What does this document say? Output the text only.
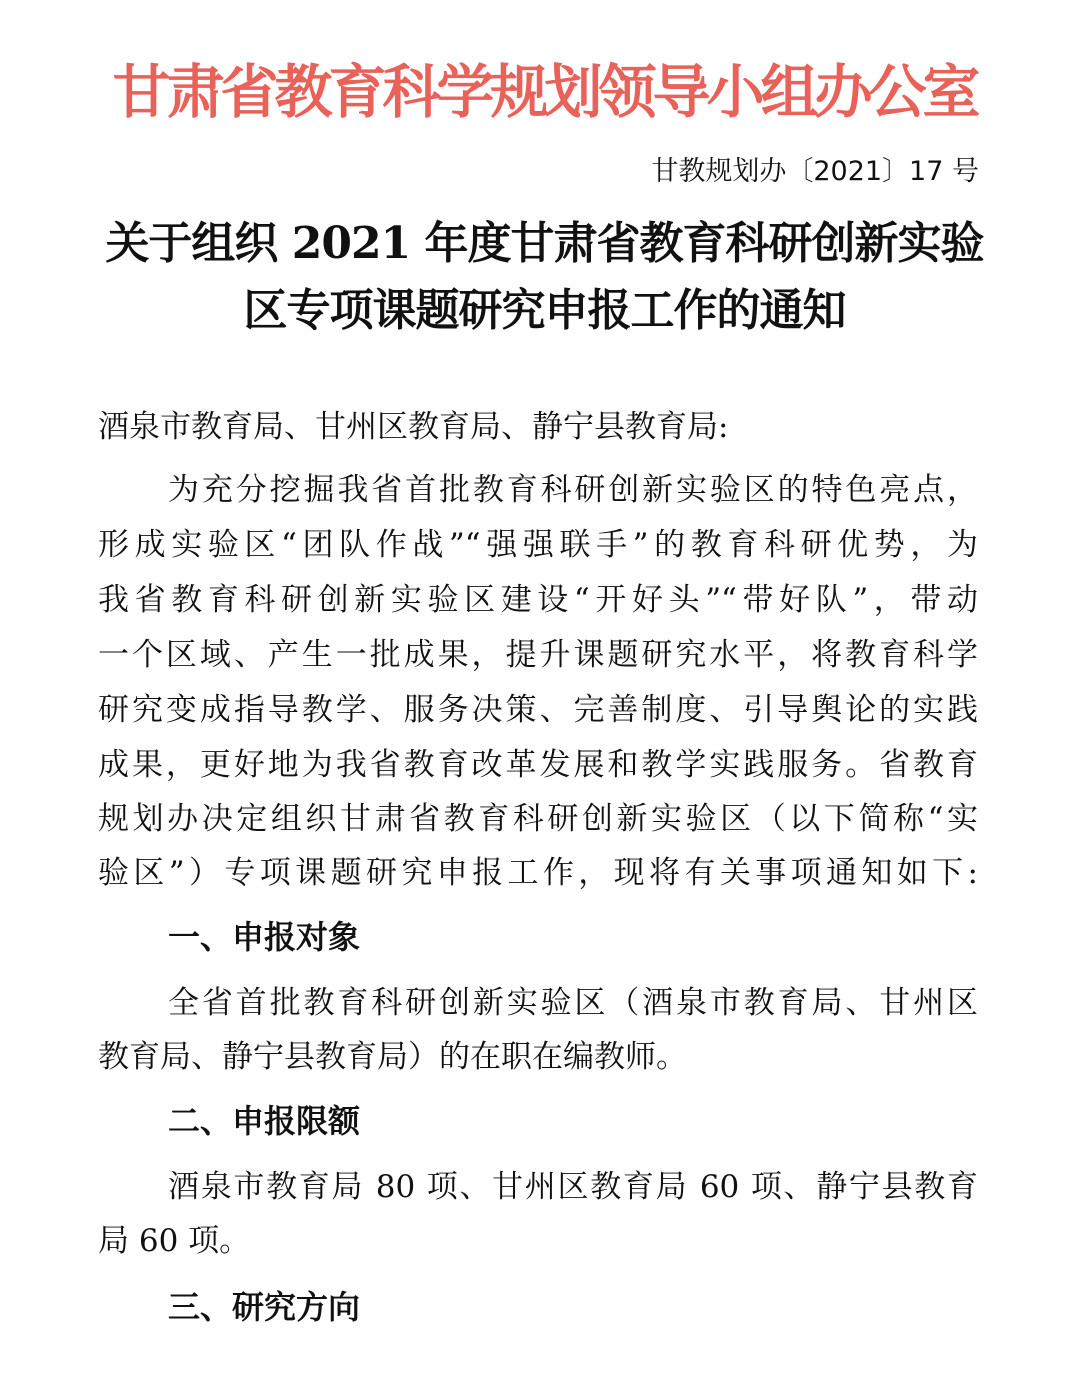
甘肃省教育科学规划领导小组办公室
甘教规划办〔2021〕17 号
关于组织 2021 年度甘肃省教育科研创新实验
区专项课题研究申报工作的通知
酒泉市教育局、甘州区教育局、静宁县教育局:
为充分挖掘我省首批教育科研创新实验区的特色亮点，
形成实验区“团队作战”“强强联手”的教育科研优势，为
我省教育科研创新实验区建设“开好头”“带好队”，带动
一个区域、产生一批成果，提升课题研究水平，将教育科学
研究变成指导教学、服务决策、完善制度、引导舆论的实践
成果，更好地为我省教育改革发展和教学实践服务。省教育
规划办决定组织甘肃省教育科研创新实验区（以下简称“实
验区”）专项课题研究申报工作，现将有关事项通知如下:
一、申报对象
全省首批教育科研创新实验区（酒泉市教育局、甘州区
教育局、静宁县教育局）的在职在编教师。
二、申报限额
酒泉市教育局 80 项、甘州区教育局 60 项、静宁县教育
局 60 项。
三、研究方向
